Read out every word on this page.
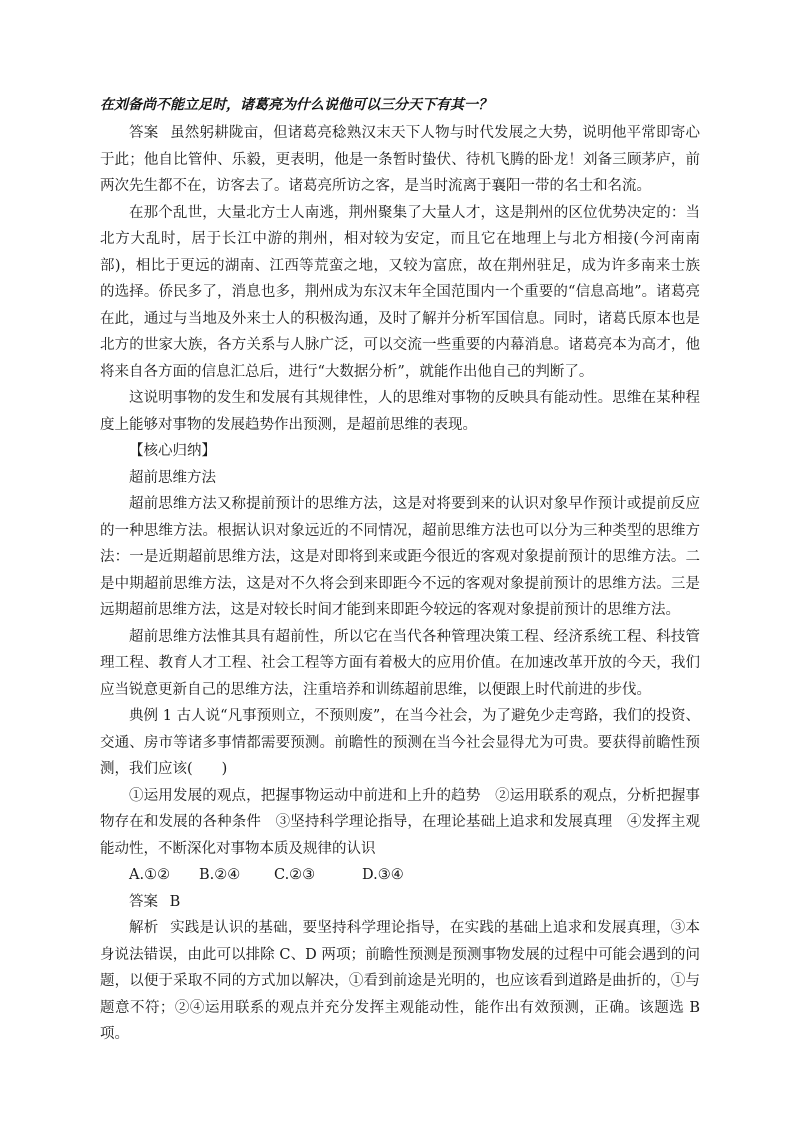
在刘备尚不能立足时，诸葛亮为什么说他可以三分天下有其一？

答案 虽然躬耕陇亩，但诸葛亮稔熟汉末天下人物与时代发展之大势，说明他平常即寄心于此；他自比管仲、乐毅，更表明，他是一条暂时蛰伏、待机飞腾的卧龙！刘备三顾茅庐，前两次先生都不在，访客去了。诸葛亮所访之客，是当时流离于襄阳一带的名士和名流。

在那个乱世，大量北方士人南逃，荆州聚集了大量人才，这是荆州的区位优势决定的：当北方大乱时，居于长江中游的荆州，相对较为安定，而且它在地理上与北方相接(今河南南部)，相比于更远的湖南、江西等荒蛮之地，又较为富庶，故在荆州驻足，成为许多南来士族的选择。侨民多了，消息也多，荆州成为东汉末年全国范围内一个重要的“信息高地”。诸葛亮在此，通过与当地及外来士人的积极沟通，及时了解并分析军国信息。同时，诸葛氏原本也是北方的世家大族，各方关系与人脉广泛，可以交流一些重要的内幕消息。诸葛亮本为高才，他将来自各方面的信息汇总后，进行“大数据分析”，就能作出他自己的判断了。

这说明事物的发生和发展有其规律性，人的思维对事物的反映具有能动性。思维在某种程度上能够对事物的发展趋势作出预测，是超前思维的表现。

【核心归纳】

超前思维方法

超前思维方法又称提前预计的思维方法，这是对将要到来的认识对象早作预计或提前反应的一种思维方法。根据认识对象远近的不同情况，超前思维方法也可以分为三种类型的思维方法：一是近期超前思维方法，这是对即将到来或距今很近的客观对象提前预计的思维方法。二是中期超前思维方法，这是对不久将会到来即距今不远的客观对象提前预计的思维方法。三是远期超前思维方法，这是对较长时间才能到来即距今较远的客观对象提前预计的思维方法。

超前思维方法惟其具有超前性，所以它在当代各种管理决策工程、经济系统工程、科技管理工程、教育人才工程、社会工程等方面有着极大的应用价值。在加速改革开放的今天，我们应当锐意更新自己的思维方法，注重培养和训练超前思维，以便跟上时代前进的步伐。

典例 1 古人说“凡事预则立，不预则废”，在当今社会，为了避免少走弯路，我们的投资、交通、房市等诸多事情都需要预测。前瞻性的预测在当今社会显得尤为可贵。要获得前瞻性预测，我们应该(　　)

①运用发展的观点，把握事物运动中前进和上升的趋势　②运用联系的观点，分析把握事物存在和发展的各种条件　③坚持科学理论指导，在理论基础上追求和发展真理　④发挥主观能动性，不断深化对事物本质及规律的认识

A.①②	B.②④	C.②③	D.③④

答案 B

解析 实践是认识的基础，要坚持科学理论指导，在实践的基础上追求和发展真理，③本身说法错误，由此可以排除 C、D 两项；前瞻性预测是预测事物发展的过程中可能会遇到的问题，以便于采取不同的方式加以解决，①看到前途是光明的，也应该看到道路是曲折的，①与题意不符；②④运用联系的观点并充分发挥主观能动性，能作出有效预测，正确。该题选 B 项。
